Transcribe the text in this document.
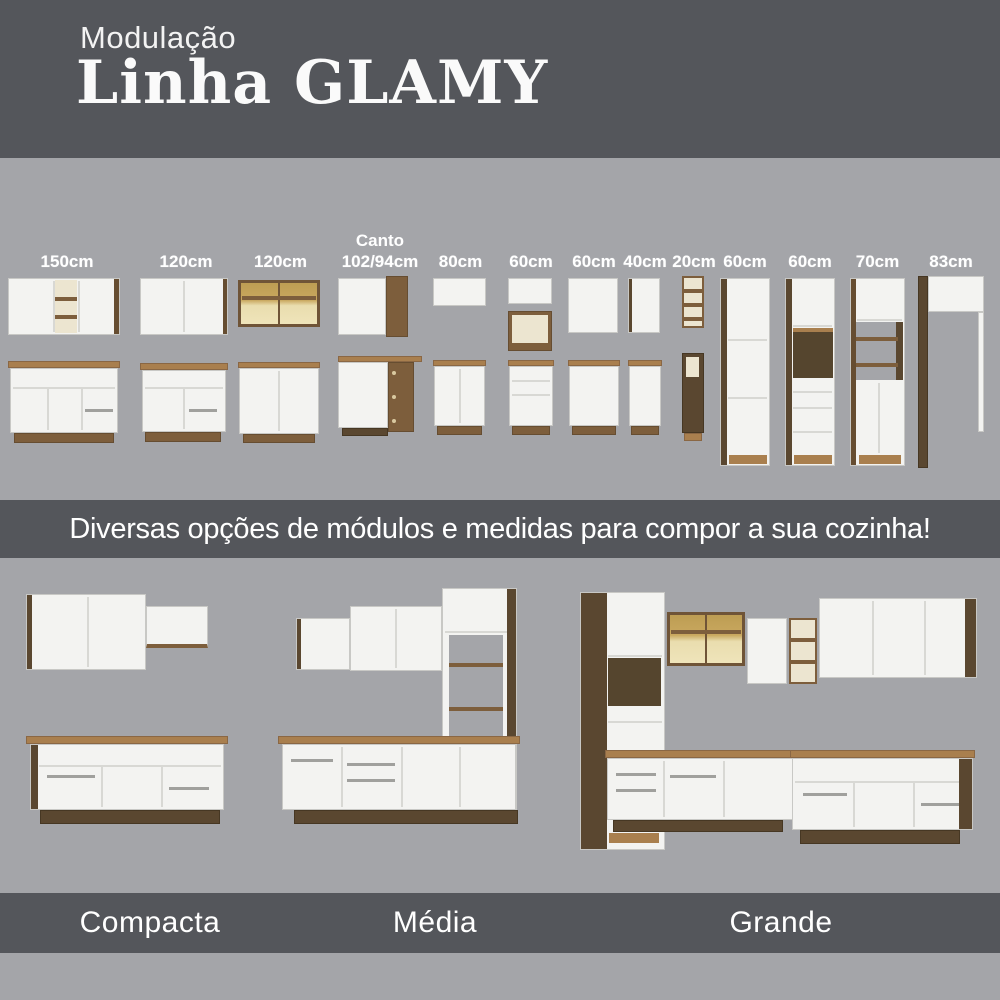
Modulação
Linha GLAMY
150cm	120cm	120cm
Canto
102/94cm	80cm	60cm	60cm 40cm 20cm 60cm	60cm	70cm	83cm
Diversas opções de módulos e medidas para compor a sua cozinha!
Compacta	Média	Grande
